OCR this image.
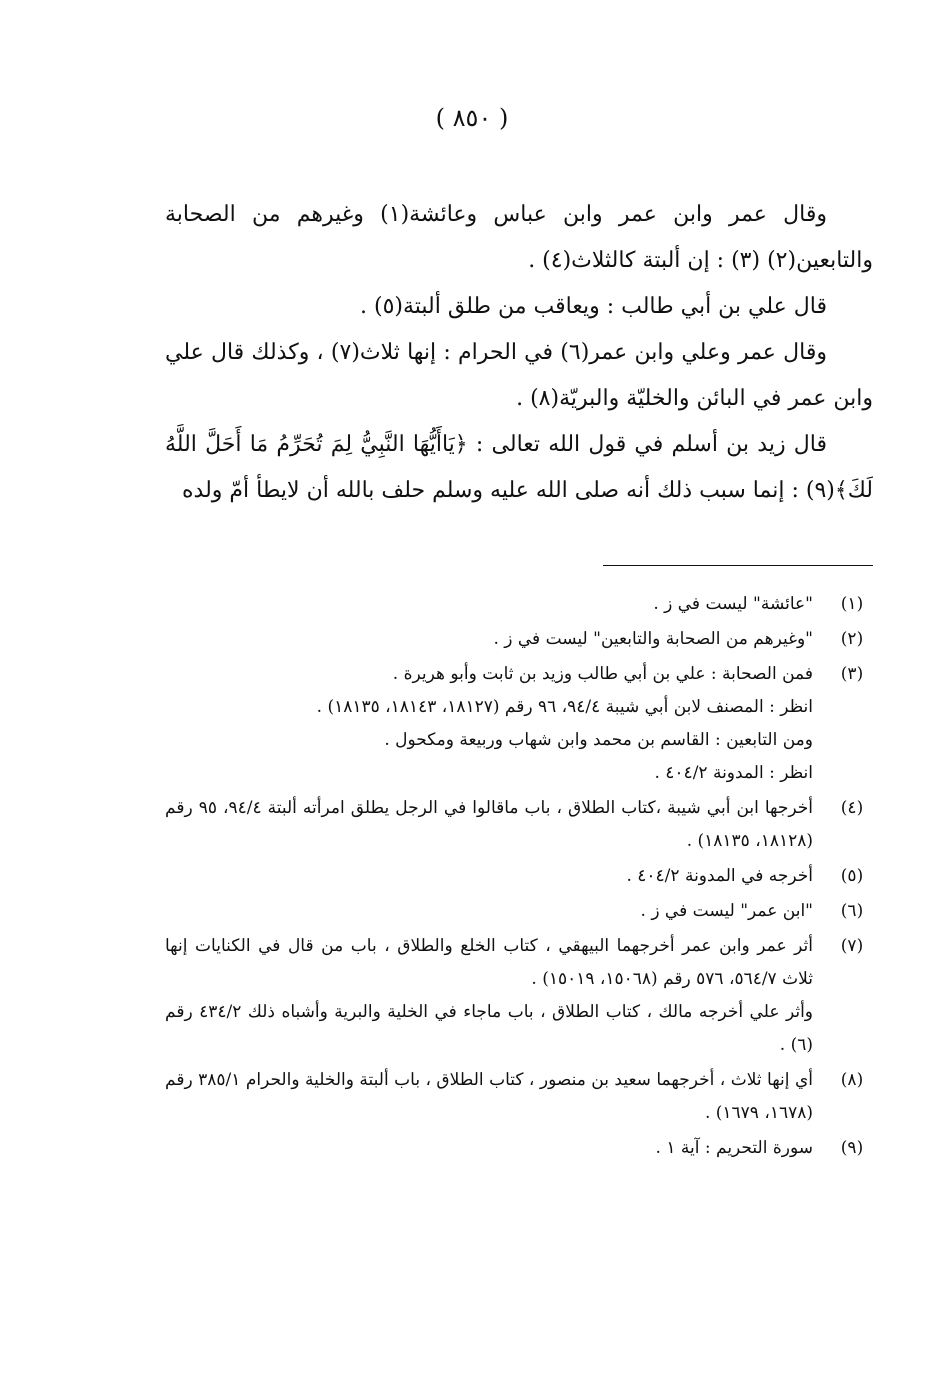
( ٨٥٠ )

وقال عمر وابن عمر وابن عباس وعائشة(١) وغيرهم من الصحابة والتابعين(٢) (٣) : إن ألبتة كالثلاث(٤) .

قال علي بن أبي طالب : ويعاقب من طلق ألبتة(٥) .

وقال عمر وعلي وابن عمر(٦) في الحرام : إنها ثلاث(٧) ، وكذلك قال علي وابن عمر في البائن والخليّة والبريّة(٨) .

قال زيد بن أسلم في قول الله تعالى : ﴿يَاأَيُّهَا النَّبِيُّ لِمَ تُحَرِّمُ مَا أَحَلَّ اللَّهُ لَكَ﴾(٩) : إنما سبب ذلك أنه صلى الله عليه وسلم حلف بالله أن لايطأ أمّ ولده

(١)
"عائشة" ليست في ز .
(٢)
"وغيرهم من الصحابة والتابعين" ليست في ز .
(٣)
فمن الصحابة : علي بن أبي طالب وزيد بن ثابت وأبو هريرة .
انظر : المصنف لابن أبي شيبة ٩٤/٤، ٩٦ رقم (١٨١٢٧، ١٨١٤٣، ١٨١٣٥) .
ومن التابعين : القاسم بن محمد وابن شهاب وربيعة ومكحول .
انظر : المدونة ٤٠٤/٢ .
(٤)
أخرجها ابن أبي شيبة ،كتاب الطلاق ، باب ماقالوا في الرجل يطلق امرأته ألبتة ٩٤/٤، ٩٥ رقم (١٨١٢٨، ١٨١٣٥) .
(٥)
أخرجه في المدونة ٤٠٤/٢ .
(٦)
"ابن عمر" ليست في ز .
(٧)
أثر عمر وابن عمر أخرجهما البيهقي ، كتاب الخلع والطلاق ، باب من قال في الكنايات إنها ثلاث ٥٦٤/٧، ٥٧٦ رقم (١٥٠٦٨، ١٥٠١٩) .
وأثر علي أخرجه مالك ، كتاب الطلاق ، باب ماجاء في الخلية والبرية وأشباه ذلك ٤٣٤/٢ رقم (٦) .
(٨)
أي إنها ثلاث ، أخرجهما سعيد بن منصور ، كتاب الطلاق ، باب ألبتة والخلية والحرام ٣٨٥/١ رقم (١٦٧٨، ١٦٧٩) .
(٩)
سورة التحريم : آية ١ .
